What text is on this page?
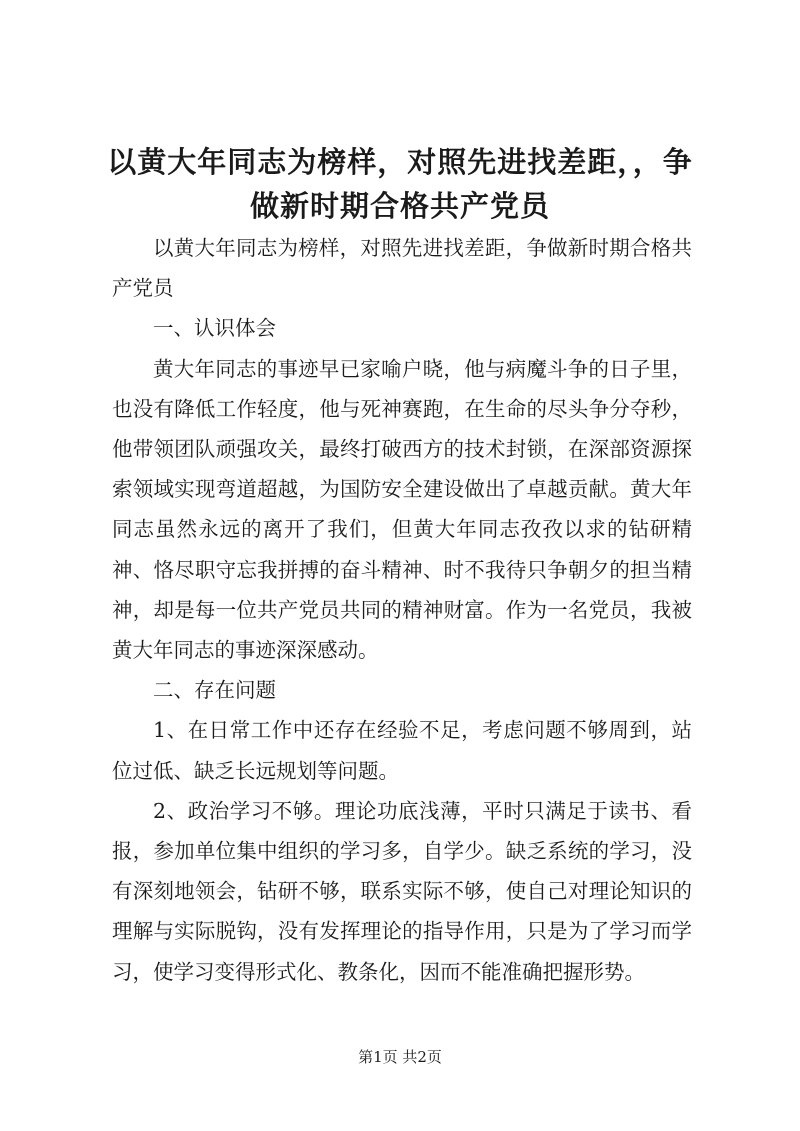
以黄大年同志为榜样，对照先进找差距，，争
做新时期合格共产党员

以黄大年同志为榜样，对照先进找差距，争做新时期合格共产党员

一、认识体会

黄大年同志的事迹早已家喻户晓，他与病魔斗争的日子里，也没有降低工作轻度，他与死神赛跑，在生命的尽头争分夺秒，他带领团队顽强攻关，最终打破西方的技术封锁，在深部资源探索领域实现弯道超越，为国防安全建设做出了卓越贡献。黄大年同志虽然永远的离开了我们，但黄大年同志孜孜以求的钻研精神、恪尽职守忘我拼搏的奋斗精神、时不我待只争朝夕的担当精神，却是每一位共产党员共同的精神财富。作为一名党员，我被黄大年同志的事迹深深感动。

二、存在问题

1、在日常工作中还存在经验不足，考虑问题不够周到，站位过低、缺乏长远规划等问题。

2、政治学习不够。理论功底浅薄，平时只满足于读书、看报，参加单位集中组织的学习多，自学少。缺乏系统的学习，没有深刻地领会，钻研不够，联系实际不够，使自己对理论知识的理解与实际脱钩，没有发挥理论的指导作用，只是为了学习而学习，使学习变得形式化、教条化，因而不能准确把握形势。

第1页 共2页
